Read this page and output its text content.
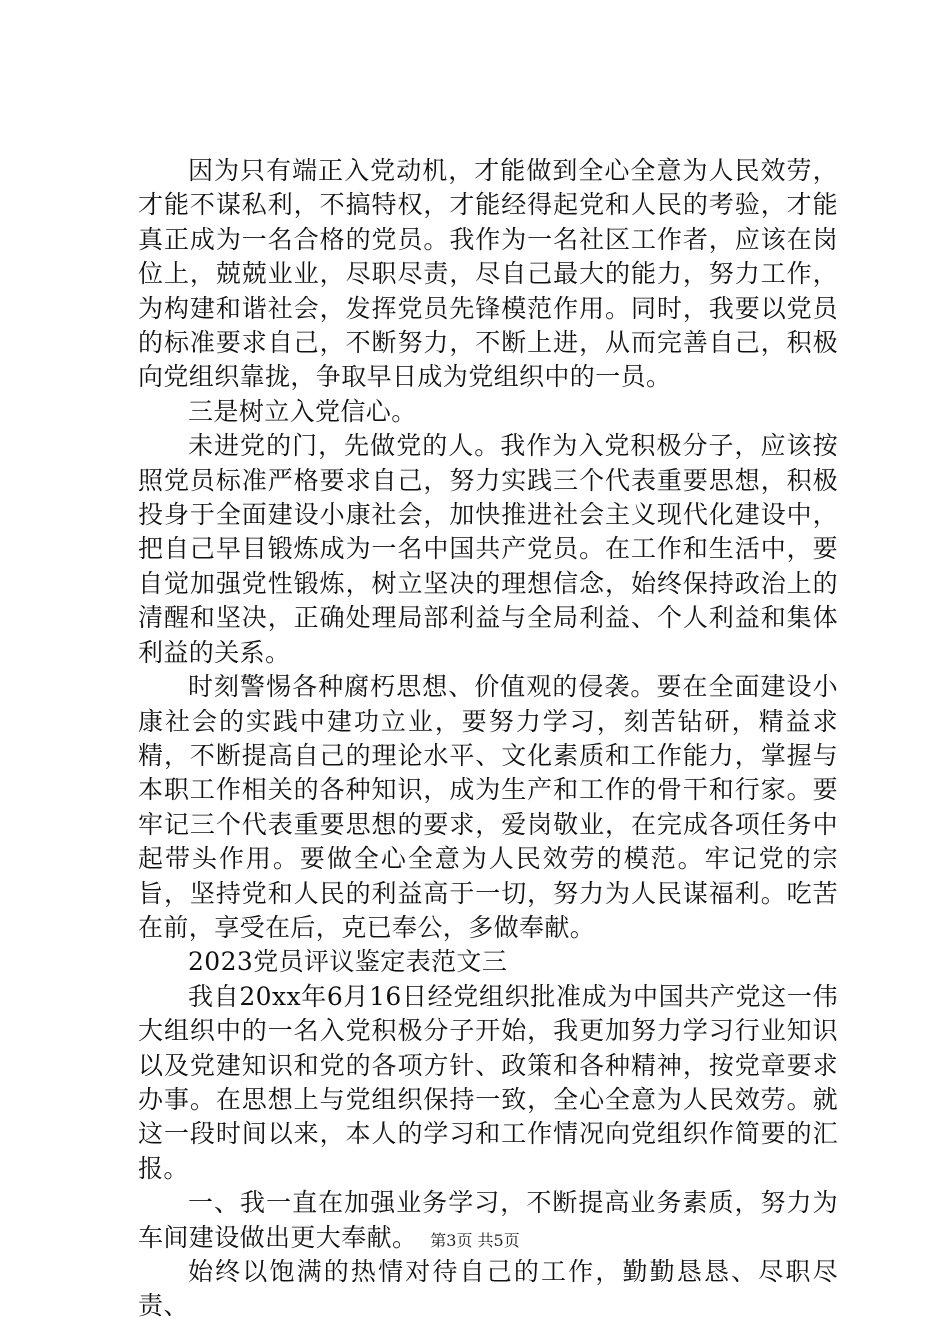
因为只有端正入党动机，才能做到全心全意为人民效劳，才能不谋私利，不搞特权，才能经得起党和人民的考验，才能真正成为一名合格的党员。我作为一名社区工作者，应该在岗位上，兢兢业业，尽职尽责，尽自己最大的能力，努力工作，为构建和谐社会，发挥党员先锋模范作用。同时，我要以党员的标准要求自己，不断努力，不断上进，从而完善自己，积极向党组织靠拢，争取早日成为党组织中的一员。

三是树立入党信心。

未进党的门，先做党的人。我作为入党积极分子，应该按照党员标准严格要求自己，努力实践三个代表重要思想，积极投身于全面建设小康社会，加快推进社会主义现代化建设中，把自己早目锻炼成为一名中国共产党员。在工作和生活中，要自觉加强党性锻炼，树立坚决的理想信念，始终保持政治上的清醒和坚决，正确处理局部利益与全局利益、个人利益和集体利益的关系。

时刻警惕各种腐朽思想、价值观的侵袭。要在全面建设小康社会的实践中建功立业，要努力学习，刻苦钻研，精益求精，不断提高自己的理论水平、文化素质和工作能力，掌握与本职工作相关的各种知识，成为生产和工作的骨干和行家。要牢记三个代表重要思想的要求，爱岗敬业，在完成各项任务中起带头作用。要做全心全意为人民效劳的模范。牢记党的宗旨，坚持党和人民的利益高于一切，努力为人民谋福利。吃苦在前，享受在后，克已奉公，多做奉献。

2023党员评议鉴定表范文三

我自20xx年6月16日经党组织批准成为中国共产党这一伟大组织中的一名入党积极分子开始，我更加努力学习行业知识以及党建知识和党的各项方针、政策和各种精神，按党章要求办事。在思想上与党组织保持一致，全心全意为人民效劳。就这一段时间以来，本人的学习和工作情况向党组织作简要的汇报。

一、我一直在加强业务学习，不断提高业务素质，努力为车间建设做出更大奉献。

始终以饱满的热情对待自己的工作，勤勤恳恳、尽职尽责、

第3页 共5页
